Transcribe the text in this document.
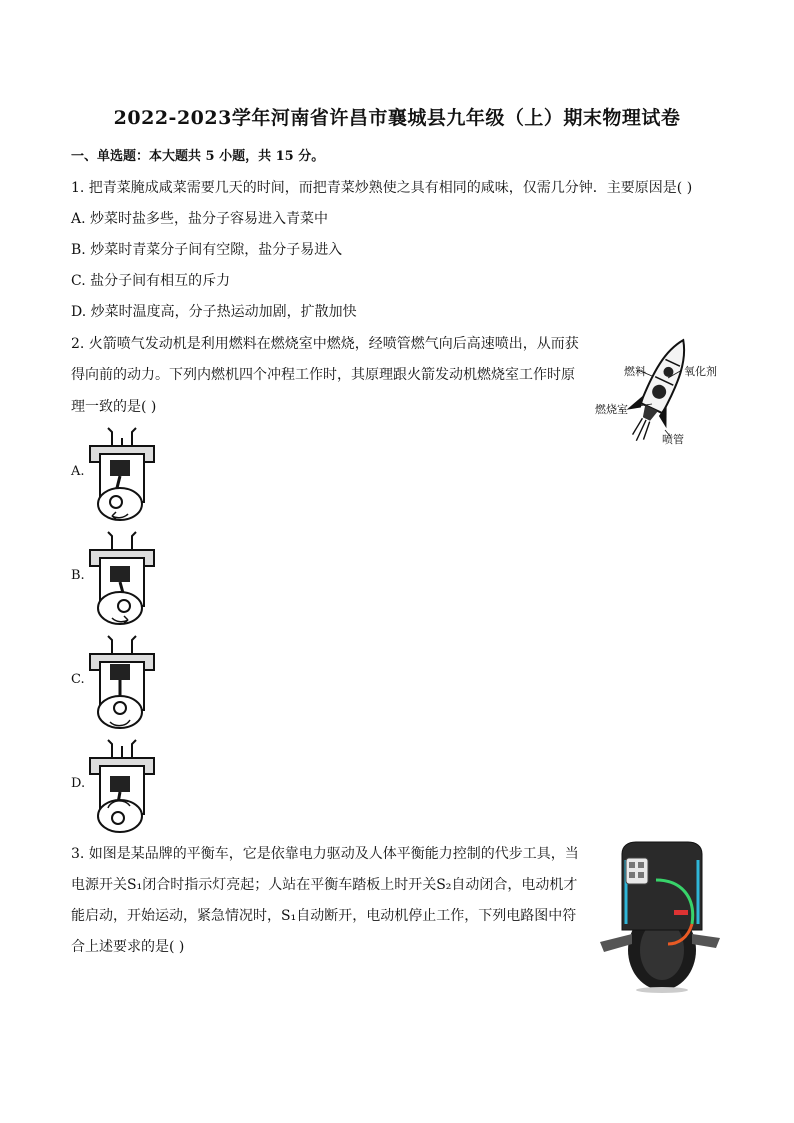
2022-2023学年河南省许昌市襄城县九年级（上）期末物理试卷
一、单选题：本大题共 5 小题，共 15 分。
1. 把青菜腌成咸菜需要几天的时间，而把青菜炒熟使之具有相同的咸味，仅需几分钟．主要原因是( )
A. 炒菜时盐多些，盐分子容易进入青菜中
B. 炒菜时青菜分子间有空隙，盐分子易进入
C. 盐分子间有相互的斥力
D. 炒菜时温度高，分子热运动加剧，扩散加快
2. 火箭喷气发动机是利用燃料在燃烧室中燃烧，经喷管燃气向后高速喷出，从而获
得向前的动力。下列内燃机四个冲程工作时，其原理跟火箭发动机燃烧室工作时原
理一致的是( )
燃料	氧化剂
燃烧室
喷管
A.
B.
C.
D.
3. 如图是某品牌的平衡车，它是依靠电力驱动及人体平衡能力控制的代步工具，当
电源开关S₁闭合时指示灯亮起；人站在平衡车踏板上时开关S₂自动闭合，电动机才
能启动，开始运动，紧急情况时，S₁自动断开，电动机停止工作，下列电路图中符
合上述要求的是( )
